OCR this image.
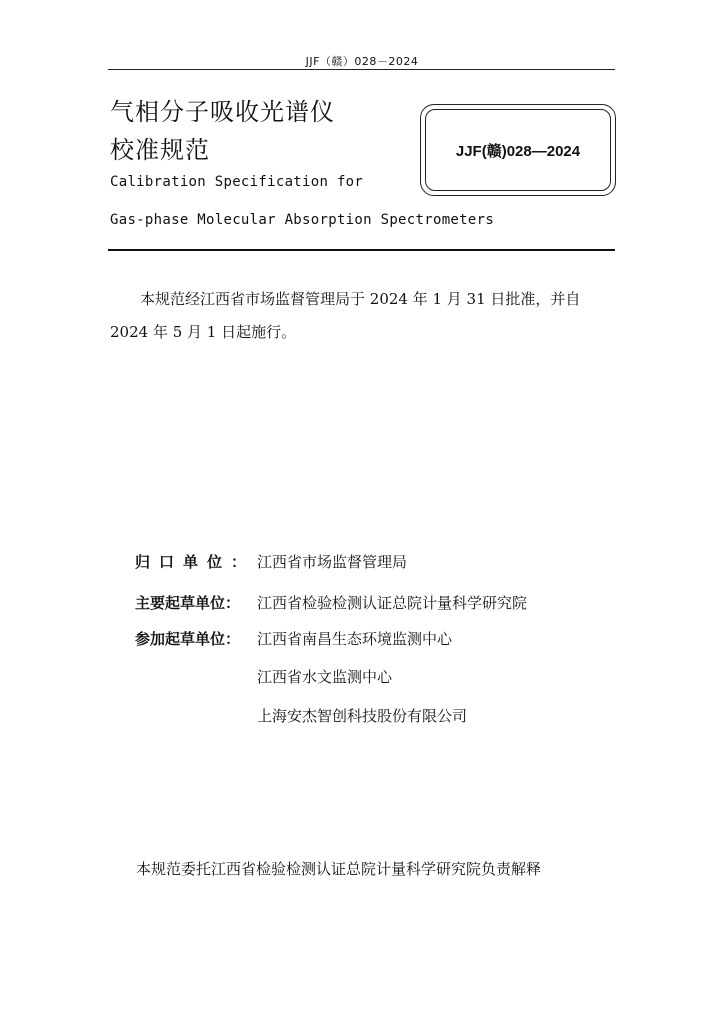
JJF（赣）028－2024
气相分子吸收光谱仪
校准规范	JJF(赣)028—2024
Calibration Specification for
Gas-phase Molecular Absorption Spectrometers
本规范经江西省市场监督管理局于 2024 年 1 月 31 日批准，并自 2024 年 5 月 1 日起施行。
归口单位： 江西省市场监督管理局
主要起草单位：	江西省检验检测认证总院计量科学研究院
参加起草单位：	江西省南昌生态环境监测中心
江西省水文监测中心
上海安杰智创科技股份有限公司
本规范委托江西省检验检测认证总院计量科学研究院负责解释
